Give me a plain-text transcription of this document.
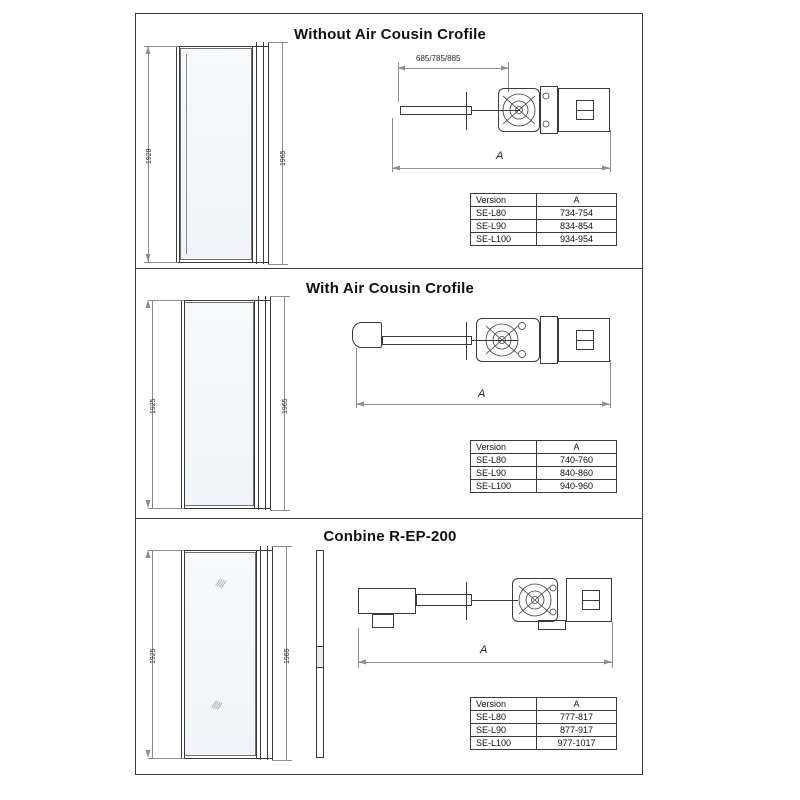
Without Air Cousin Crofile
1928	1965
685/785/885
A
Version	A
SE-L80	734-754
SE-L90	834-854
SE-L100	934-954
With Air Cousin Crofile
1925	1965
A
Version	A
SE-L80	740-760
SE-L90	840-860
SE-L100	940-960
Conbine R-EP-200
////
////
1925	1965	A
Version	A
SE-L80	777-817
SE-L90	877-917
SE-L100	977-1017
